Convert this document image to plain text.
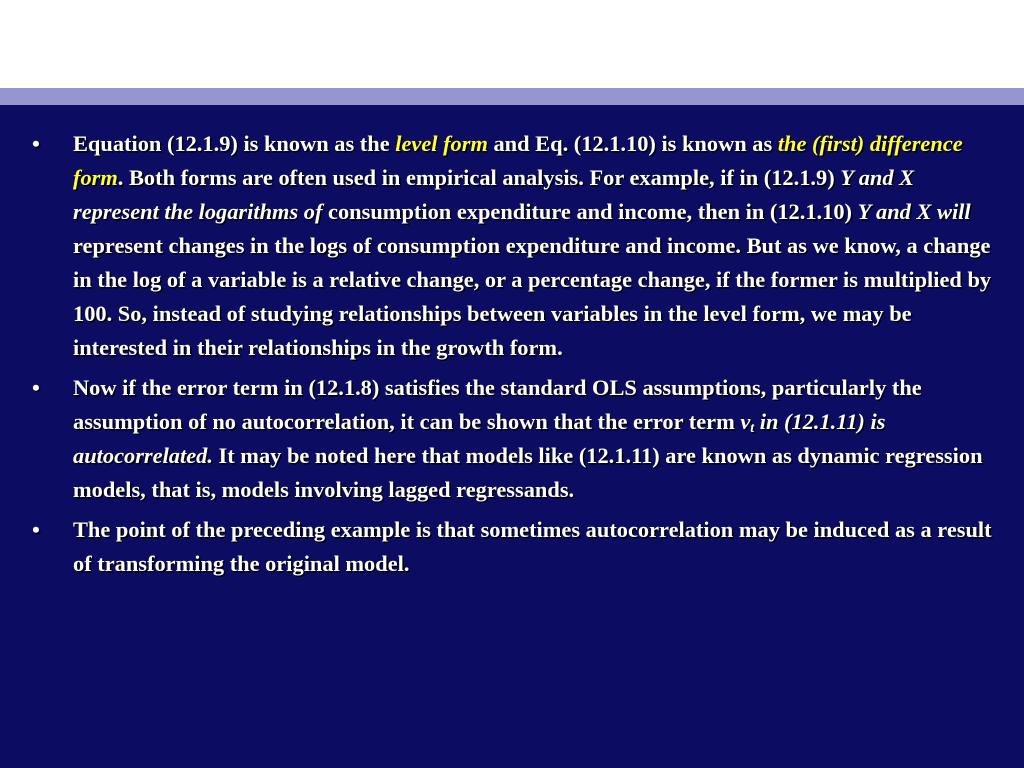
• Equation (12.1.9) is known as the level form and Eq. (12.1.10) is known as the (first) difference form. Both forms are often used in empirical analysis. For example, if in (12.1.9) Y and X represent the logarithms of consumption expenditure and income, then in (12.1.10) Y and X will represent changes in the logs of consumption expenditure and income. But as we know, a change in the log of a variable is a relative change, or a percentage change, if the former is multiplied by 100. So, instead of studying relationships between variables in the level form, we may be interested in their relationships in the growth form.
• Now if the error term in (12.1.8) satisfies the standard OLS assumptions, particularly the assumption of no autocorrelation, it can be shown that the error term $v_t$ in (12.1.11) is autocorrelated. It may be noted here that models like (12.1.11) are known as dynamic regression models, that is, models involving lagged regressands.
• The point of the preceding example is that sometimes autocorrelation may be induced as a result of transforming the original model.
